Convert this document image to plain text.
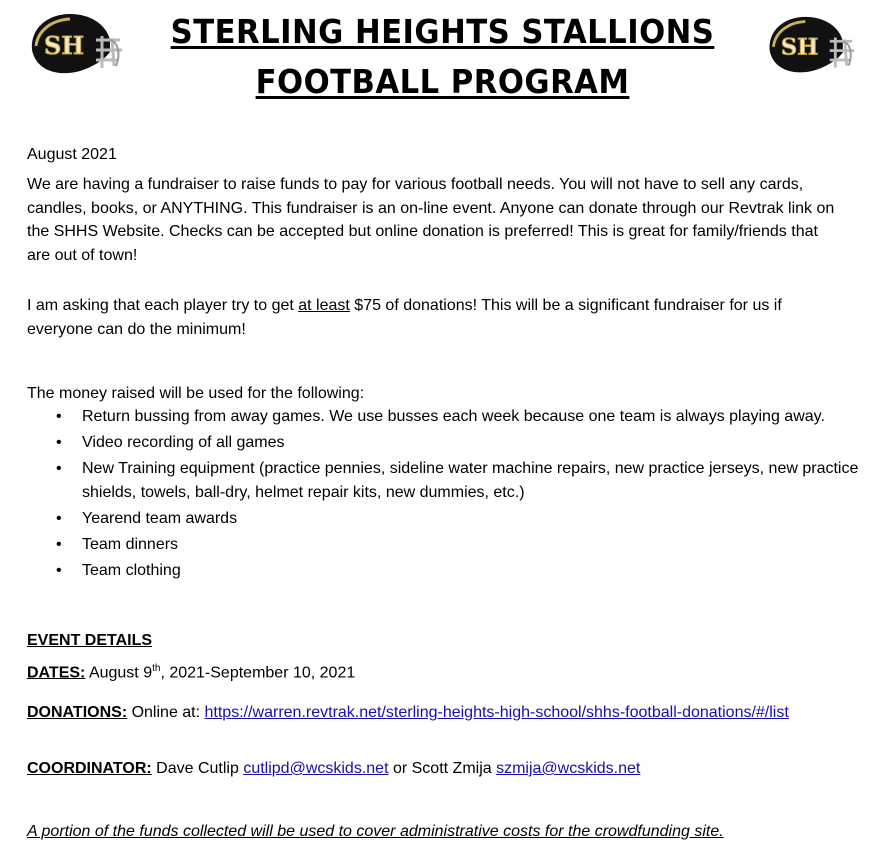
SH	SH
STERLING HEIGHTS STALLIONS
FOOTBALL PROGRAM
August 2021
We are having a fundraiser to raise funds to pay for various football needs. You will not have to sell any cards, candles, books, or ANYTHING. This fundraiser is an on-line event. Anyone can donate through our Revtrak link on the SHHS Website. Checks can be accepted but online donation is preferred! This is great for family/friends that are out of town!
I am asking that each player try to get at least $75 of donations! This will be a significant fundraiser for us if everyone can do the minimum!
The money raised will be used for the following:
• Return bussing from away games. We use busses each week because one team is always playing away.
• Video recording of all games
• New Training equipment (practice pennies, sideline water machine repairs, new practice jerseys, new practice shields, towels, ball-dry, helmet repair kits, new dummies, etc.)
• Yearend team awards
• Team dinners
• Team clothing
EVENT DETAILS
DATES: August 9th, 2021-September 10, 2021
DONATIONS: Online at: https://warren.revtrak.net/sterling-heights-high-school/shhs-football-donations/#/list
COORDINATOR: Dave Cutlip cutlipd@wcskids.net or Scott Zmija szmija@wcskids.net
A portion of the funds collected will be used to cover administrative costs for the crowdfunding site.
